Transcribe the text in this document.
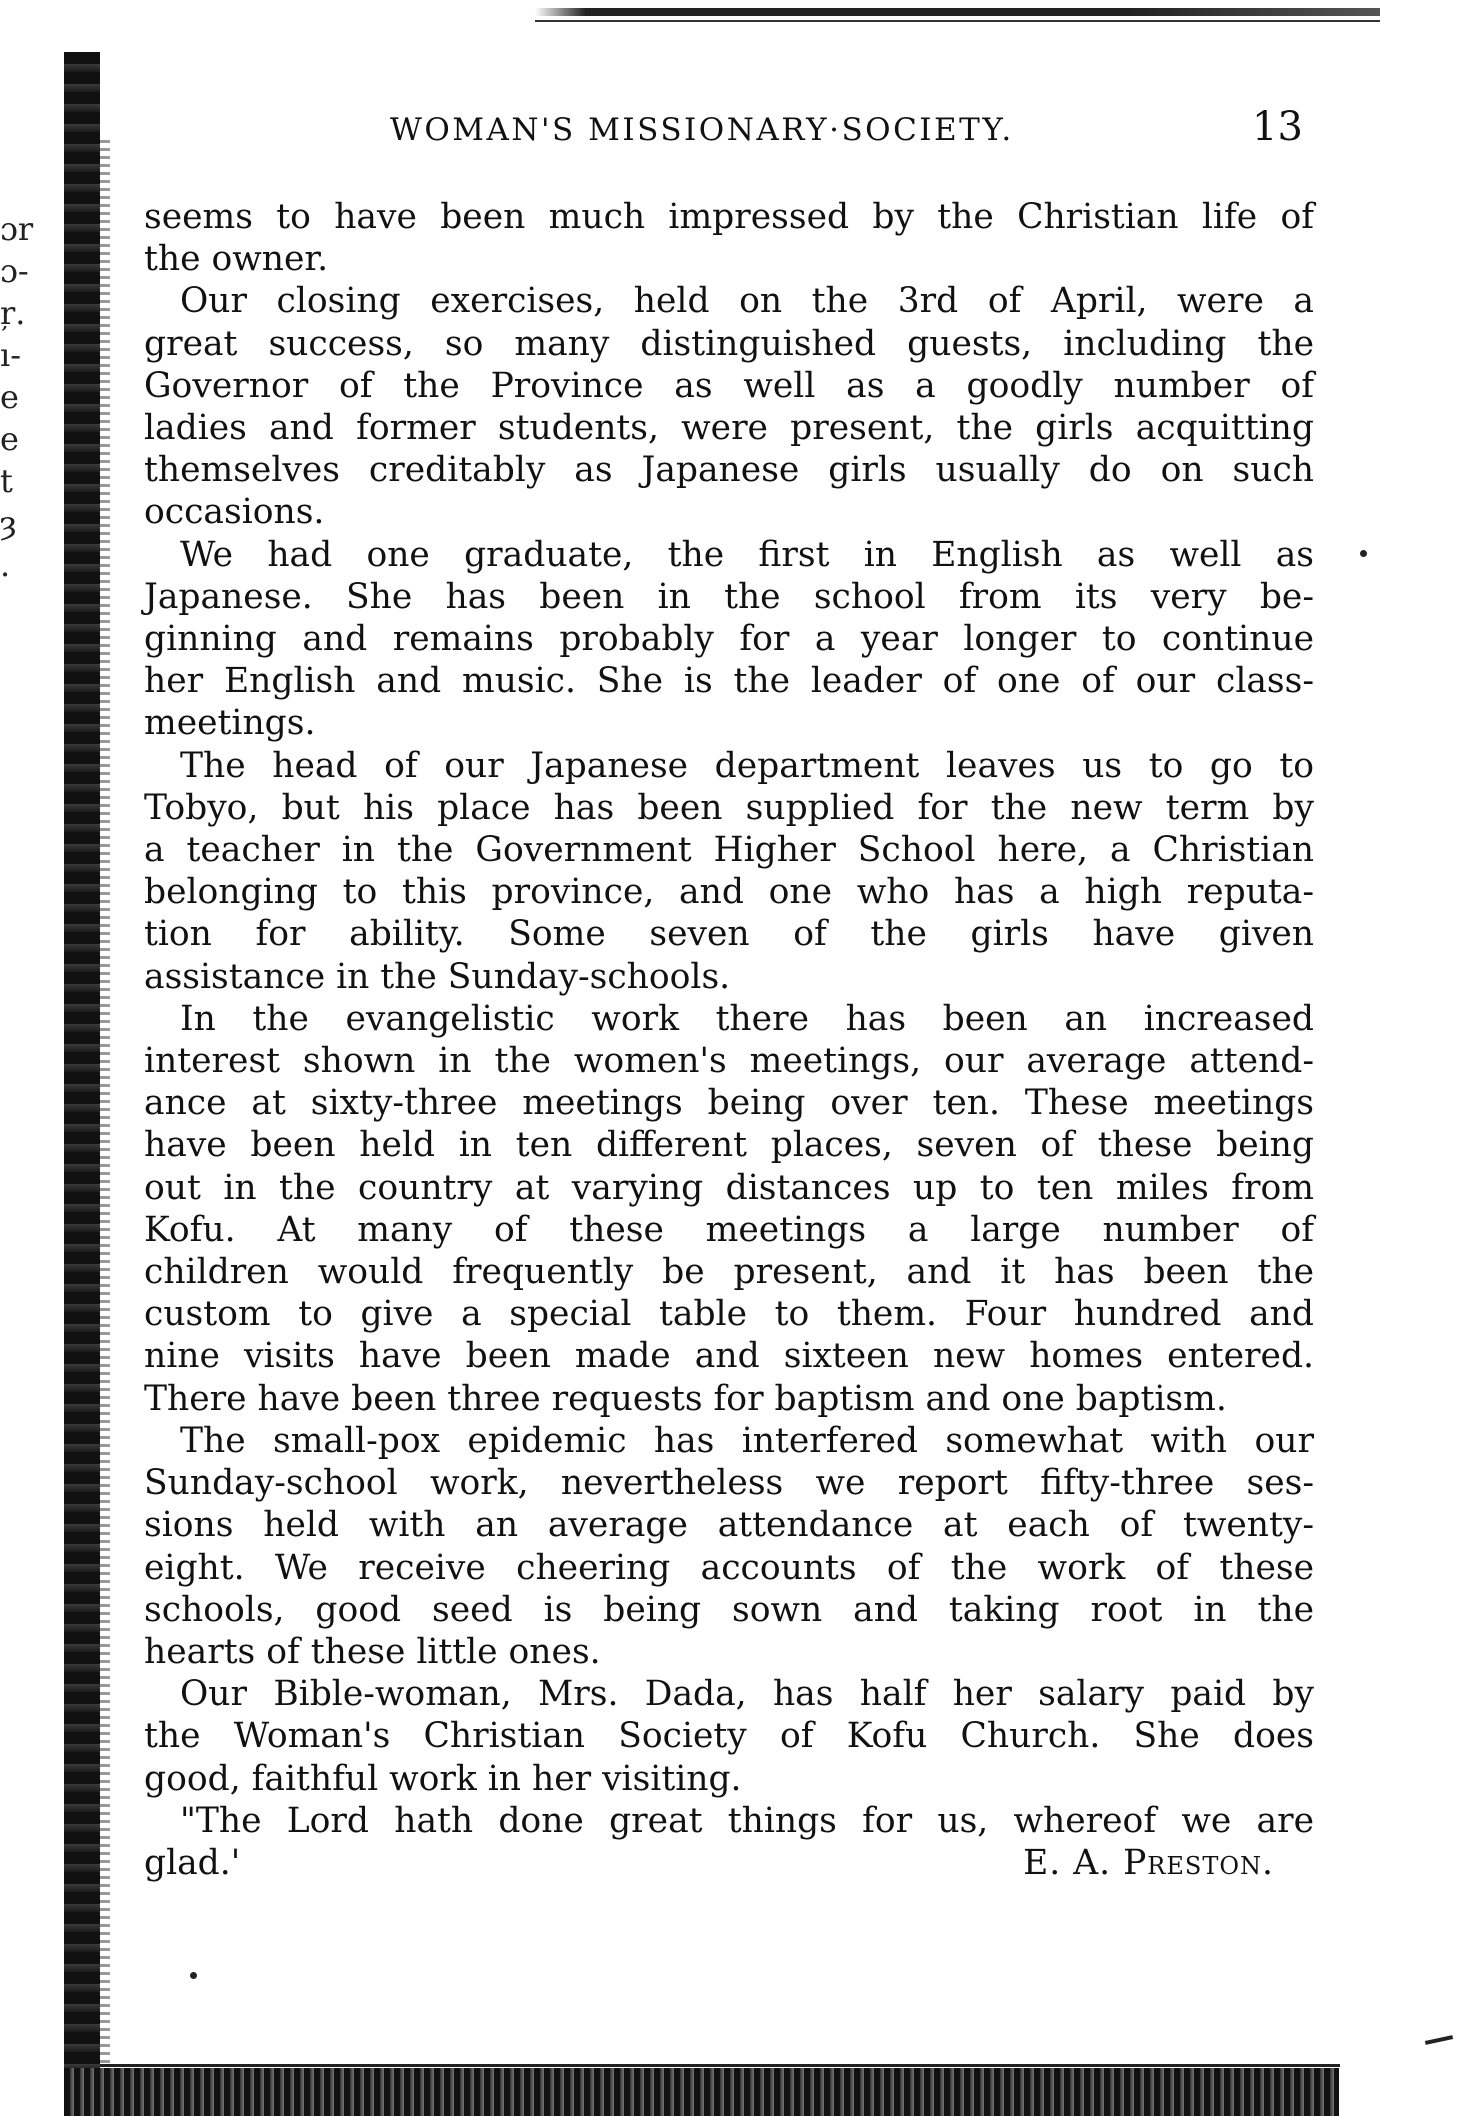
ɔr
ɔ-
ŗ.
ı-
e
e
t
ȝ
.
WOMAN'S MISSIONARY·SOCIETY.	13

seems to have been much impressed by the Christian life of
the owner.

Our closing exercises, held on the 3rd of April, were a
great success, so many distinguished guests, including the
Governor of the Province as well as a goodly number of
ladies and former students, were present, the girls acquitting
themselves creditably as Japanese girls usually do on such
occasions.

We had one graduate, the first in English as well as
Japanese. She has been in the school from its very be-
ginning and remains probably for a year longer to continue
her English and music. She is the leader of one of our class-
meetings.

The head of our Japanese department leaves us to go to
Tobyo, but his place has been supplied for the new term by
a teacher in the Government Higher School here, a Christian
belonging to this province, and one who has a high reputa-
tion for ability. Some seven of the girls have given
assistance in the Sunday-schools.

In the evangelistic work there has been an increased
interest shown in the women's meetings, our average attend-
ance at sixty-three meetings being over ten. These meetings
have been held in ten different places, seven of these being
out in the country at varying distances up to ten miles from
Kofu. At many of these meetings a large number of
children would frequently be present, and it has been the
custom to give a special table to them. Four hundred and
nine visits have been made and sixteen new homes entered.
There have been three requests for baptism and one baptism.

The small-pox epidemic has interfered somewhat with our
Sunday-school work, nevertheless we report fifty-three ses-
sions held with an average attendance at each of twenty-
eight. We receive cheering accounts of the work of these
schools, good seed is being sown and taking root in the
hearts of these little ones.

Our Bible-woman, Mrs. Dada, has half her salary paid by
the Woman's Christian Society of Kofu Church. She does
good, faithful work in her visiting.

"The Lord hath done great things for us, whereof we are
glad.'	E. A. Preston.
